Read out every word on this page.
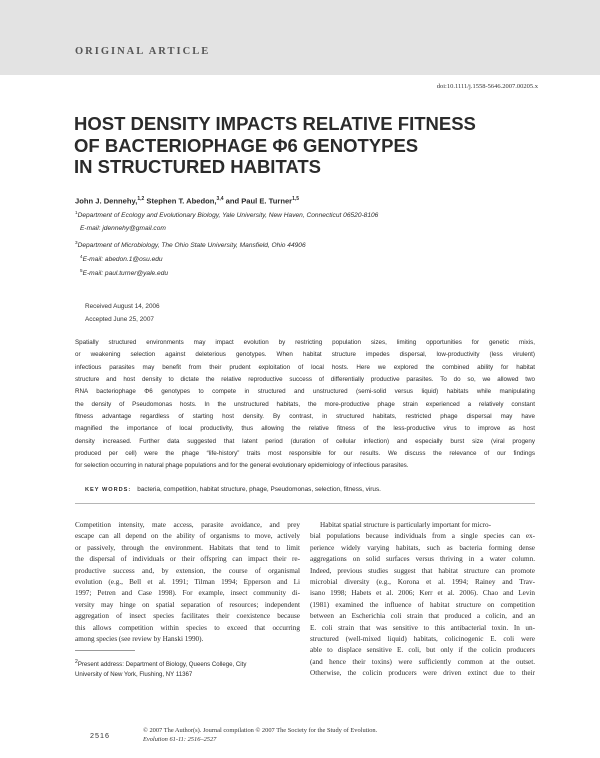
ORIGINAL ARTICLE
doi:10.1111/j.1558-5646.2007.00205.x
HOST DENSITY IMPACTS RELATIVE FITNESS
OF BACTERIOPHAGE Φ6 GENOTYPES
IN STRUCTURED HABITATS
John J. Dennehy,$^{1,2}$ Stephen T. Abedon,$^{3,4}$ and Paul E. Turner$^{1,5}$
$^1$Department of Ecology and Evolutionary Biology, Yale University, New Haven, Connecticut 06520-8106
E-mail: jdennehy@gmail.com
$^3$Department of Microbiology, The Ohio State University, Mansfield, Ohio 44906
$^4$E-mail: abedon.1@osu.edu
$^5$E-mail: paul.turner@yale.edu
Received August 14, 2006
Accepted June 25, 2007
Spatially structured environments may impact evolution by restricting population sizes, limiting opportunities for genetic mixis,
or weakening selection against deleterious genotypes. When habitat structure impedes dispersal, low-productivity (less virulent)
infectious parasites may benefit from their prudent exploitation of local hosts. Here we explored the combined ability for habitat
structure and host density to dictate the relative reproductive success of differentially productive parasites. To do so, we allowed two
RNA bacteriophage Φ6 genotypes to compete in structured and unstructured (semi-solid versus liquid) habitats while manipulating
the density of Pseudomonas hosts. In the unstructured habitats, the more-productive phage strain experienced a relatively constant
fitness advantage regardless of starting host density. By contrast, in structured habitats, restricted phage dispersal may have
magnified the importance of local productivity, thus allowing the relative fitness of the less-productive virus to improve as host
density increased. Further data suggested that latent period (duration of cellular infection) and especially burst size (viral progeny
produced per cell) were the phage “life-history” traits most responsible for our results. We discuss the relevance of our findings
for selection occurring in natural phage populations and for the general evolutionary epidemiology of infectious parasites.
KEY WORDS: bacteria, competition, habitat structure, phage, Pseudomonas, selection, fitness, virus.
Competition intensity, mate access, parasite avoidance, and prey
escape can all depend on the ability of organisms to move, actively
or passively, through the environment. Habitats that tend to limit
the dispersal of individuals or their offspring can impact their re-
productive success and, by extension, the course of organismal
evolution (e.g., Bell et al. 1991; Tilman 1994; Epperson and Li
1997; Petren and Case 1998). For example, insect community di-
versity may hinge on spatial separation of resources; independent
aggregation of insect species facilitates their coexistence because
this allows competition within species to exceed that occurring
among species (see review by Hanski 1990).
Habitat spatial structure is particularly important for micro-
bial populations because individuals from a single species can ex-
perience widely varying habitats, such as bacteria forming dense
aggregations on solid surfaces versus thriving in a water column.
Indeed, previous studies suggest that habitat structure can promote
microbial diversity (e.g., Korona et al. 1994; Rainey and Trav-
isano 1998; Habets et al. 2006; Kerr et al. 2006). Chao and Levin
(1981) examined the influence of habitat structure on competition
between an Escherichia coli strain that produced a colicin, and an
E. coli strain that was sensitive to this antibacterial toxin. In un-
structured (well-mixed liquid) habitats, colicinogenic E. coli were
able to displace sensitive E. coli, but only if the colicin producers
(and hence their toxins) were sufficiently common at the outset.
Otherwise, the colicin producers were driven extinct due to their
$^2$Present address: Department of Biology, Queens College, City
University of New York, Flushing, NY 11367
2516
© 2007 The Author(s). Journal compilation © 2007 The Society for the Study of Evolution.
Evolution 61-11: 2516–2527
